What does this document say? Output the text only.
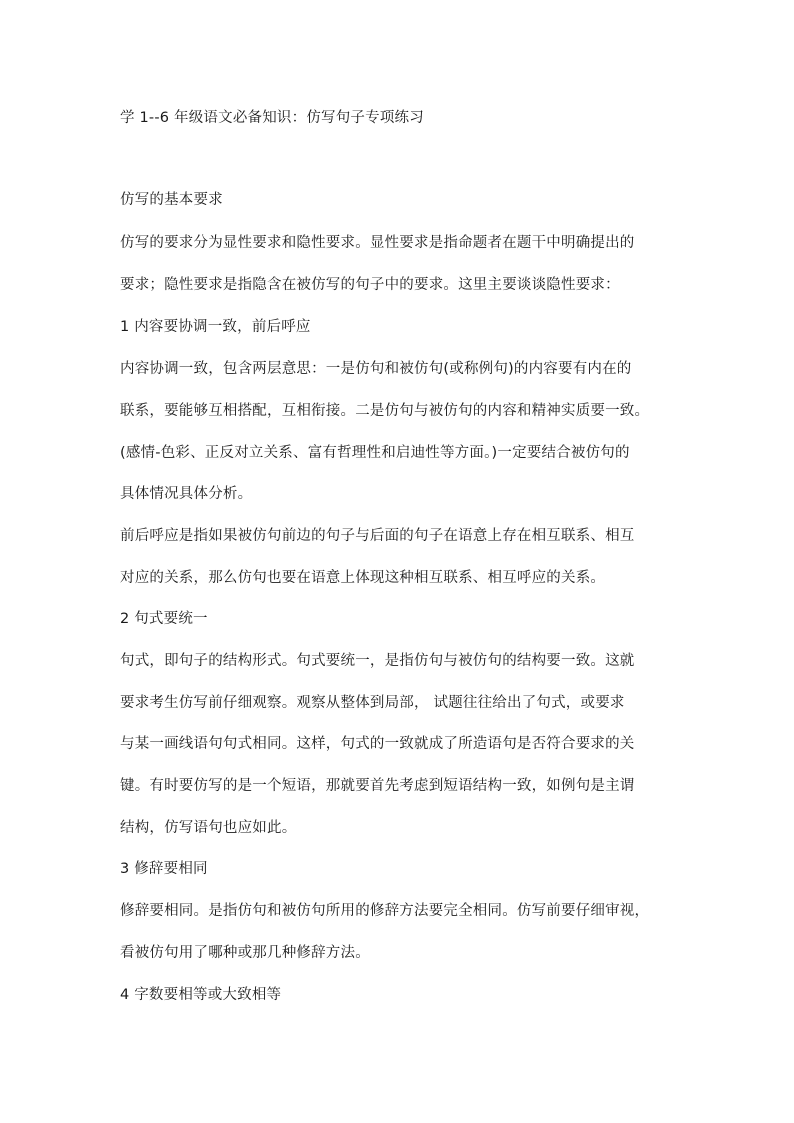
学 1--6 年级语文必备知识：仿写句子专项练习
仿写的基本要求
仿写的要求分为显性要求和隐性要求。显性要求是指命题者在题干中明确提出的
要求；隐性要求是指隐含在被仿写的句子中的要求。这里主要谈谈隐性要求：
1 内容要协调一致，前后呼应
内容协调一致，包含两层意思：一是仿句和被仿句(或称例句)的内容要有内在的
联系，要能够互相搭配，互相衔接。二是仿句与被仿句的内容和精神实质要一致。
(感情-色彩、正反对立关系、富有哲理性和启迪性等方面。)一定要结合被仿句的
具体情况具体分析。
前后呼应是指如果被仿句前边的句子与后面的句子在语意上存在相互联系、相互
对应的关系，那么仿句也要在语意上体现这种相互联系、相互呼应的关系。
2 句式要统一
句式，即句子的结构形式。句式要统一，是指仿句与被仿句的结构要一致。这就
要求考生仿写前仔细观察。观察从整体到局部， 试题往往给出了句式，或要求
与某一画线语句句式相同。这样，句式的一致就成了所造语句是否符合要求的关
键。有时要仿写的是一个短语，那就要首先考虑到短语结构一致，如例句是主谓
结构，仿写语句也应如此。
3 修辞要相同
修辞要相同。是指仿句和被仿句所用的修辞方法要完全相同。仿写前要仔细审视，
看被仿句用了哪种或那几种修辞方法。
4 字数要相等或大致相等
